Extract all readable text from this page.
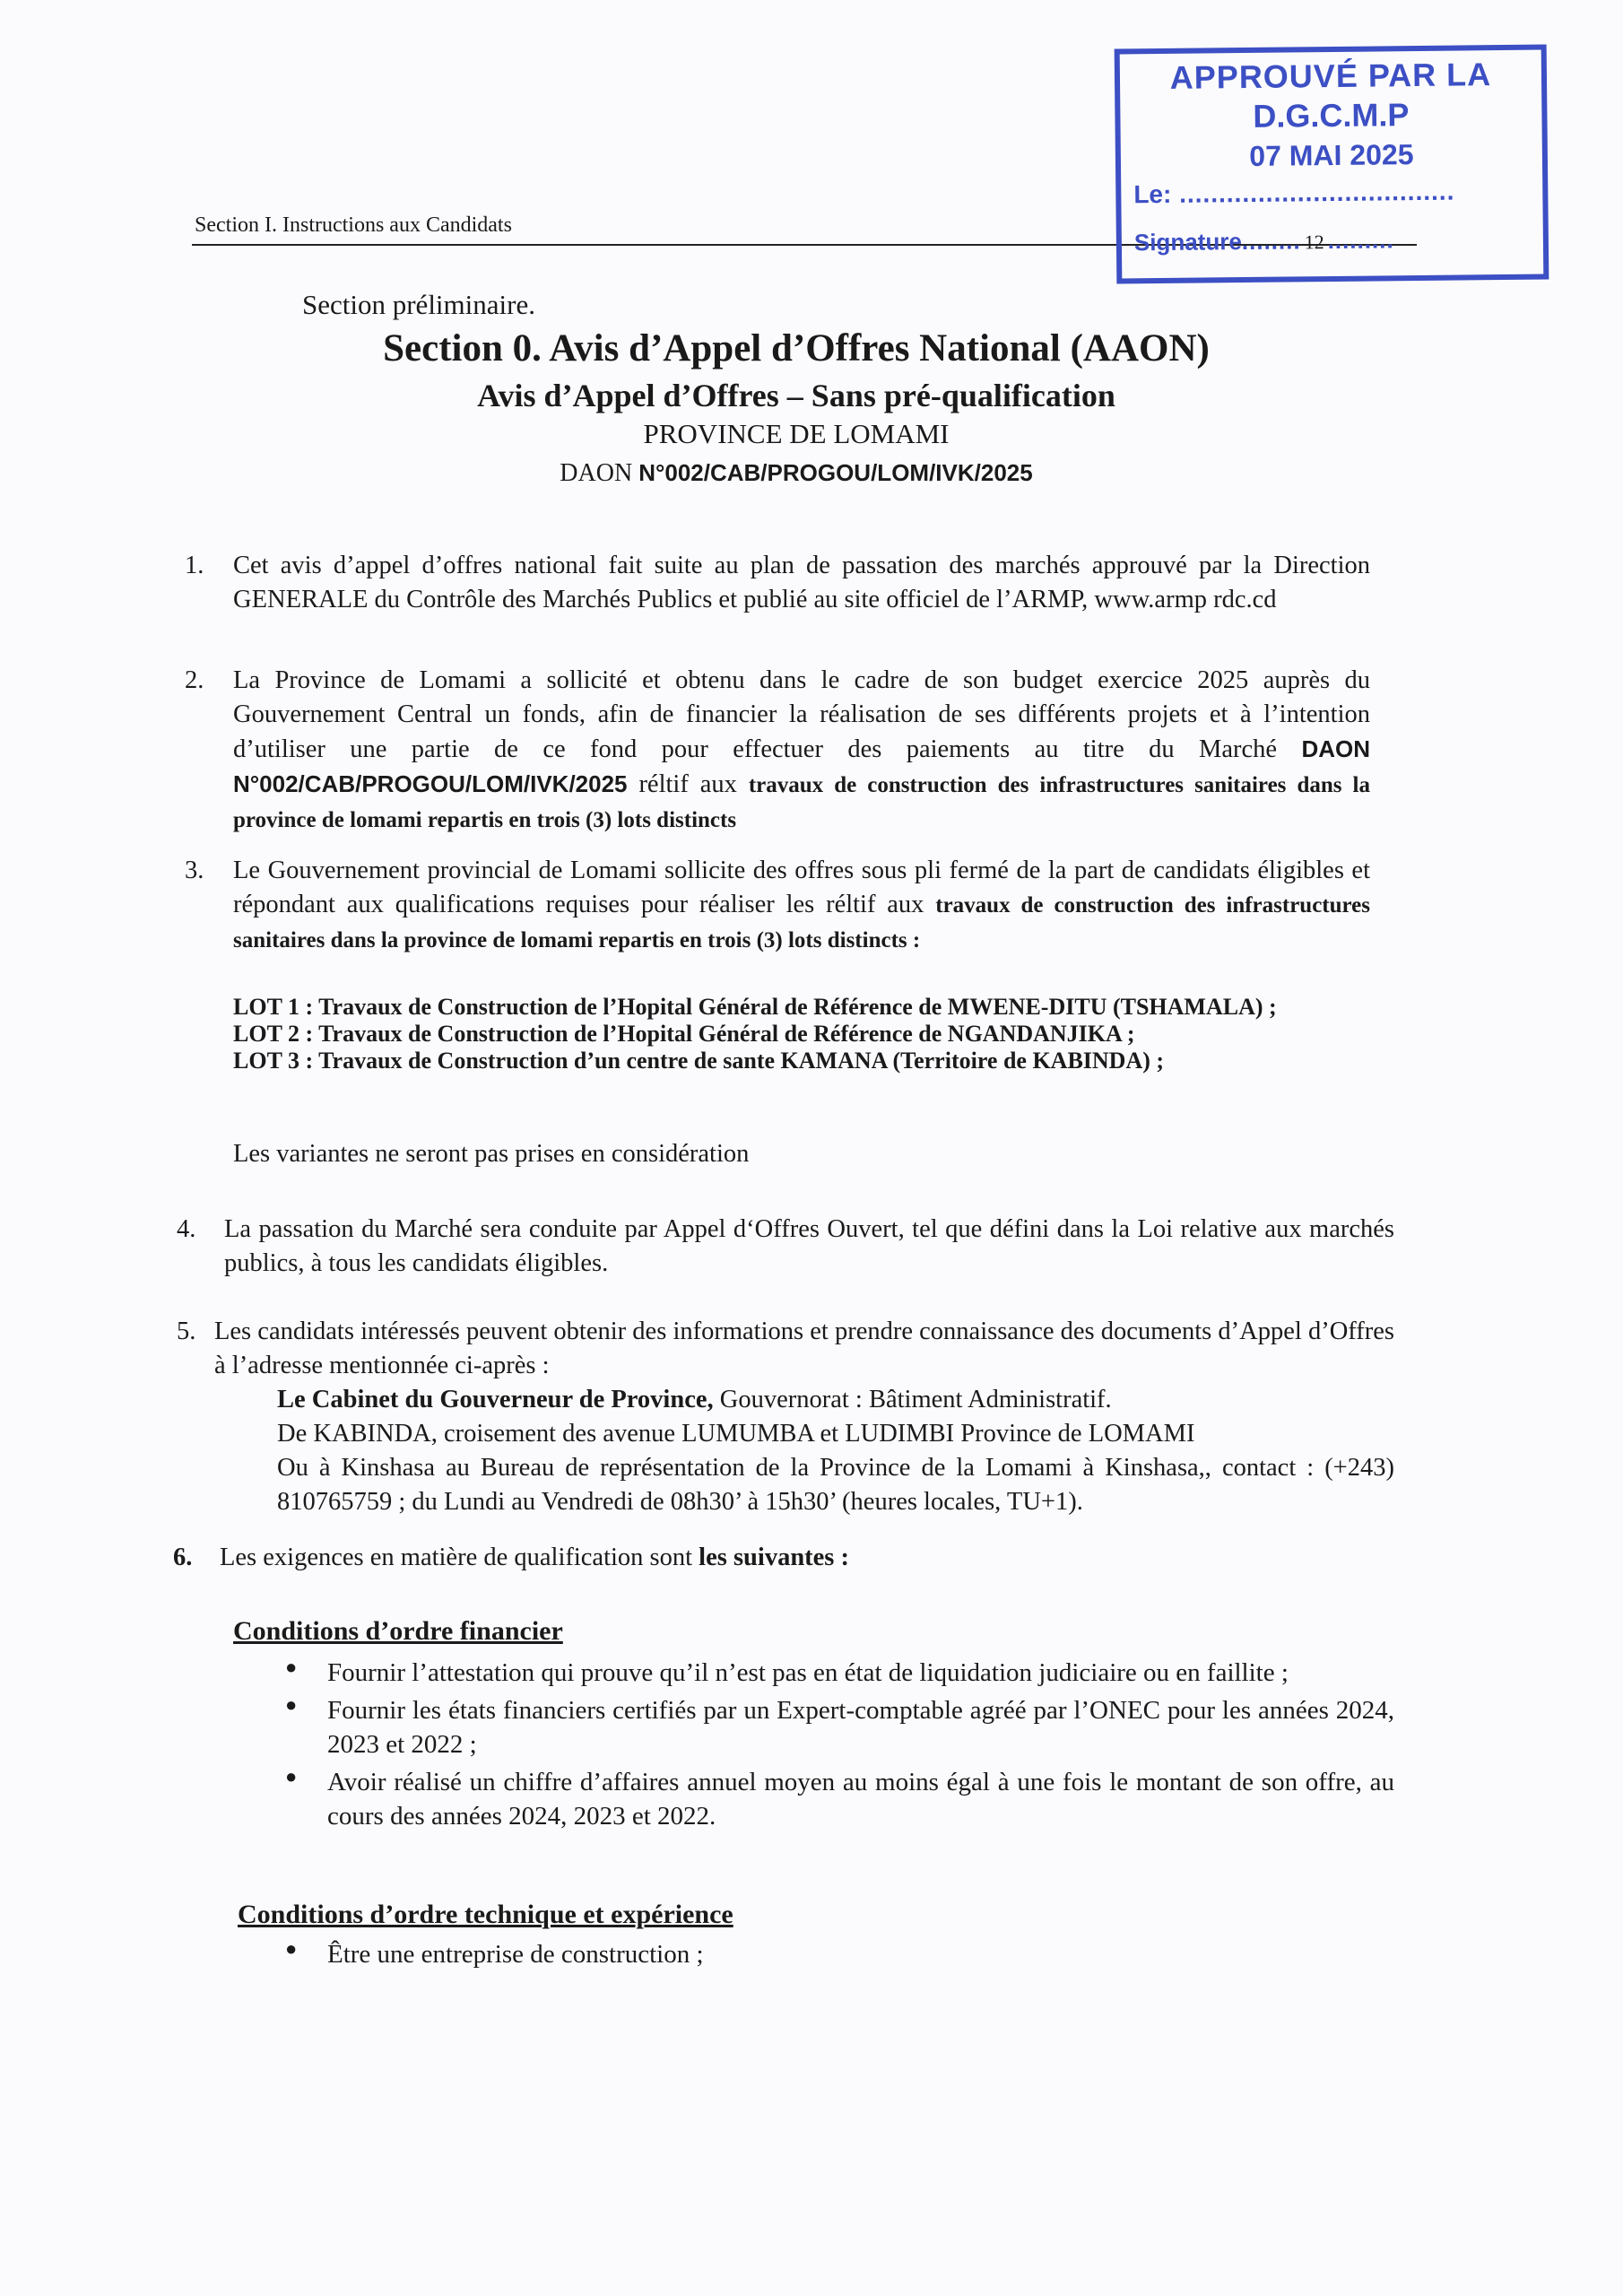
Section I. Instructions aux Candidats
APPROUVÉ PAR LA
D.G.C.M.P
07 MAI 2025
Le: ...................................
Signature ........ 12 .........
Section préliminaire.
Section 0. Avis d’Appel d’Offres National (AAON)
Avis d’Appel d’Offres – Sans pré-qualification
PROVINCE DE LOMAMI
DAON N°002/CAB/PROGOU/LOM/IVK/2025
1. Cet avis d’appel d’offres national fait suite au plan de passation des marchés approuvé par la Direction GENERALE du Contrôle des Marchés Publics et publié au site officiel de l’ARMP, www.armp rdc.cd
2. La Province de Lomami a sollicité et obtenu dans le cadre de son budget exercice 2025 auprès du Gouvernement Central un fonds, afin de financier la réalisation de ses différents projets et à l’intention d’utiliser une partie de ce fond pour effectuer des paiements au titre du Marché DAON N°002/CAB/PROGOU/LOM/IVK/2025 réltif aux travaux de construction des infrastructures sanitaires dans la province de lomami repartis en trois (3) lots distincts
3. Le Gouvernement provincial de Lomami sollicite des offres sous pli fermé de la part de candidats éligibles et répondant aux qualifications requises pour réaliser les réltif aux travaux de construction des infrastructures sanitaires dans la province de lomami repartis en trois (3) lots distincts :
LOT 1 : Travaux de Construction de l’Hopital Général de Référence de MWENE-DITU (TSHAMALA) ;
LOT 2 : Travaux de Construction de l’Hopital Général de Référence de NGANDANJIKA ;
LOT 3 : Travaux de Construction d’un centre de sante KAMANA (Territoire de KABINDA) ;
Les variantes ne seront pas prises en considération
4. La passation du Marché sera conduite par Appel d‘Offres Ouvert, tel que défini dans la Loi relative aux marchés publics, à tous les candidats éligibles.
5. Les candidats intéressés peuvent obtenir des informations et prendre connaissance des documents d’Appel d’Offres à l’adresse mentionnée ci-après :
Le Cabinet du Gouverneur de Province, Gouvernorat : Bâtiment Administratif.
De KABINDA, croisement des avenue LUMUMBA et LUDIMBI Province de LOMAMI
Ou à Kinshasa au Bureau de représentation de la Province de la Lomami à Kinshasa,, contact : (+243) 810765759 ; du Lundi au Vendredi de 08h30’ à 15h30’ (heures locales, TU+1).
6. Les exigences en matière de qualification sont les suivantes :
Conditions d’ordre financier
●	Fournir l’attestation qui prouve qu’il n’est pas en état de liquidation judiciaire ou en faillite ;
●	Fournir les états financiers certifiés par un Expert-comptable agréé par l’ONEC pour les années 2024, 2023 et 2022 ;
●	Avoir réalisé un chiffre d’affaires annuel moyen au moins égal à une fois le montant de son offre, au cours des années 2024, 2023 et 2022.
Conditions d’ordre technique et expérience
●	Être une entreprise de construction ;
